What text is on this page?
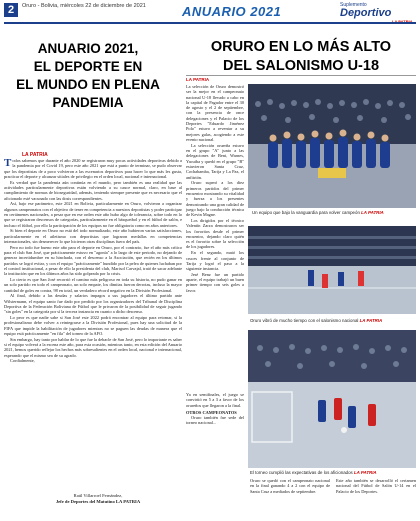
2	Oruro - Bolivia, miércoles 22 de diciembre de 2021	ANUARIO 2021	Suplemento
Deportivo
ANUARIO 2021,
EL DEPORTE EN
EL MUNDO EN PLENA
PANDEMIA
LA PATRIA

Todos sabemos que durante el año 2020 se registraron muy pocas actividades deportivas debido a la pandemia por el Covid 19, pero este año 2021 que está a punto de terminar, se pudo observar que los deportistas de a poco volvieron a las escenarios deportivos para hacer lo que más les gusta, practicar el deporte y alcanzar sitiales de privilegio en el orden local, nacional e internacional.

Es verdad que la pandemia aún continúa en el mundo, pero también es una realidad que las actividades particularmente deportivas están volviendo a su cauce normal, claro, en base al cumplimiento de normas de bioseguridad, además, teniendo siempre presente que es necesario que el aficionado esté vacunado con las dosis correspondientes.

Así, bajo ese parámetro, este 2021 en Bolivia, particularmente en Oruro, volvieron a organizar algunos campeonatos con el objetivo de tener en competencia a nuestros deportistas y poder participar en certámenes nacionales, a pesar que en ese orden este año hubo algo de tolerancia, sobre todo en lo que se registraron descensos de categorías, particularmente en el básquetbol y en el fútbol de salón, e incluso el fútbol, por ello la participación de los equipos no fue obligatoria como en años anteriores.

Si bien el deporte en Oruro no está del todo normalizado, este año hubieron varias satisfacciones, particularmente en el atletismo con deportistas que lograron medallas en competencias internacionales, sin desmerecer lo que hicieron otras disciplinas fuera del país.

Pero no todo fue bueno este año para el deporte en Oruro, por el contrario, fue el año más crítico para el club San José, que prácticamente estuvo en "agonía" a lo largo de este periodo, no dejando de generar incertidumbre en su hinchada, con el descenso a la Asociación, que recién en los últimos partidos se logró evitar, y con el equipo "prácticamente" hundido por la pelea de quienes luchaban por el control institucional, a pesar de ello la presidenta del club, Marisol Carvajal, trató de sacar adelante la institución que en los últimos años ha sido golpeada por la crisis.

Lo cierto es que San José recorrió el camino más peligroso en toda su historia, no pudo ganar en un solo partido en todo el campeonato, un solo empate, los dimitas fueron derrotas, incluso la mayor cantidad de goles en contra, 98 en total, un verdadero récord negativo en la División Profesional.

Al final, debido a las deudas y salarios impagos a sus jugadores el último partido ante Wilstermann, el equipo santo fue dado por perdido por los organizadores del Tribunal de Disciplina Deportiva de la Federación Boliviana de Fútbol que le privaron de la posibilidad de seguir jugando "sin goles" en la categoría por sí la tercera instancia en cuanto a dicho descenso.

Lo peor es que nadie sabe si San José este 2022 podrá encontrar al equipo para retomar, si la profesionalismo debe volver a reintegrarse a la División Profesional, pues hay una solicitud de la FIFA que impide la habilitación de jugadores mientras no se paguen las deudas de manera que el equipo está prácticamente "en fila" del torneo de la AFO.

Sin embargo, hay tanto por hablar de lo que fue la debacle de San José, pero lo importante es saber si el equipo volverá a la escena este año, para esta ocasión, mientras tanto, en esta edición del Anuario 2021, hemos querido reflejar los hechos más sobresalientes en el orden local, nacional e internacional, esperando que el mismo sea de su agrado.

Cordialmente,

Raúl Villarroel Fernández,
Jefe de Deportes del Matutino LA PATRIA
ORURO EN LO MÁS ALTO
DEL SALONISMO U-18
LA PATRIA

La selección de Oruro demostró ser la mejor en el campeonato nacional U-18 llevado a cabo en la capital de Pagador entre el 30 de agosto y el 2 de septiembre, con la presencia de once delegaciones y el Palacio de los Deportes "Eduardo Jiménez Polo" estuvo a reventar a su mejores galas, acogiendo a este evento nacional.

La selección oruerña estuvo en el grupo "A" junto a las delegaciones de Beni, Warnes, Yacuiba y quedó en el grupo "B" estuvieron Santa Cruz, Cochabamba, Tarija y La Paz, el anfitrión.

Oruro superó a los diez primeros partidos del primer encuentro mostrando su vitalidad y fuerza a los presentes demostrando una gran calidad de juego bajo la conducción técnica de Kevin Magne.

Los dirigidos por el técnico Valentín Zarza demostraron ser los favoritos desde el primer encuentro, dejando claro quién es el favorito sobre la selección de los jugadores.

En el segundo, mató los cruces frente al conjunto de Tarija y logró el paso a la siguiente instancia.

Jesé Benz fue un partido aparte, el equipo trabajó un buen primer tiempo con seis goles a favor.

Ya en semifinales, el juego se convirtió en 5 a 3 a favor de los orureños que llegaron a la final.

OTROS CAMPEONATOS

Oruro también fue sede del torneo nacional...

Oruro se quedó con el campeonato nacional en la final ganando 4 a 2 con el equipo de Santa Cruz a mediados de septiembre.

Este año también se desarrolló el certamen nacional del Fútbol de Salón U-14 en el Palacio de los Deportes.

Un equipo que bajo la vanguardia para volver campeón LA PATRIA
Oruro vibró de mucho tiempo con el salonismo nacional LA PATRIA
El torneo cumplió las expectativas de los aficionados LA PATRIA
